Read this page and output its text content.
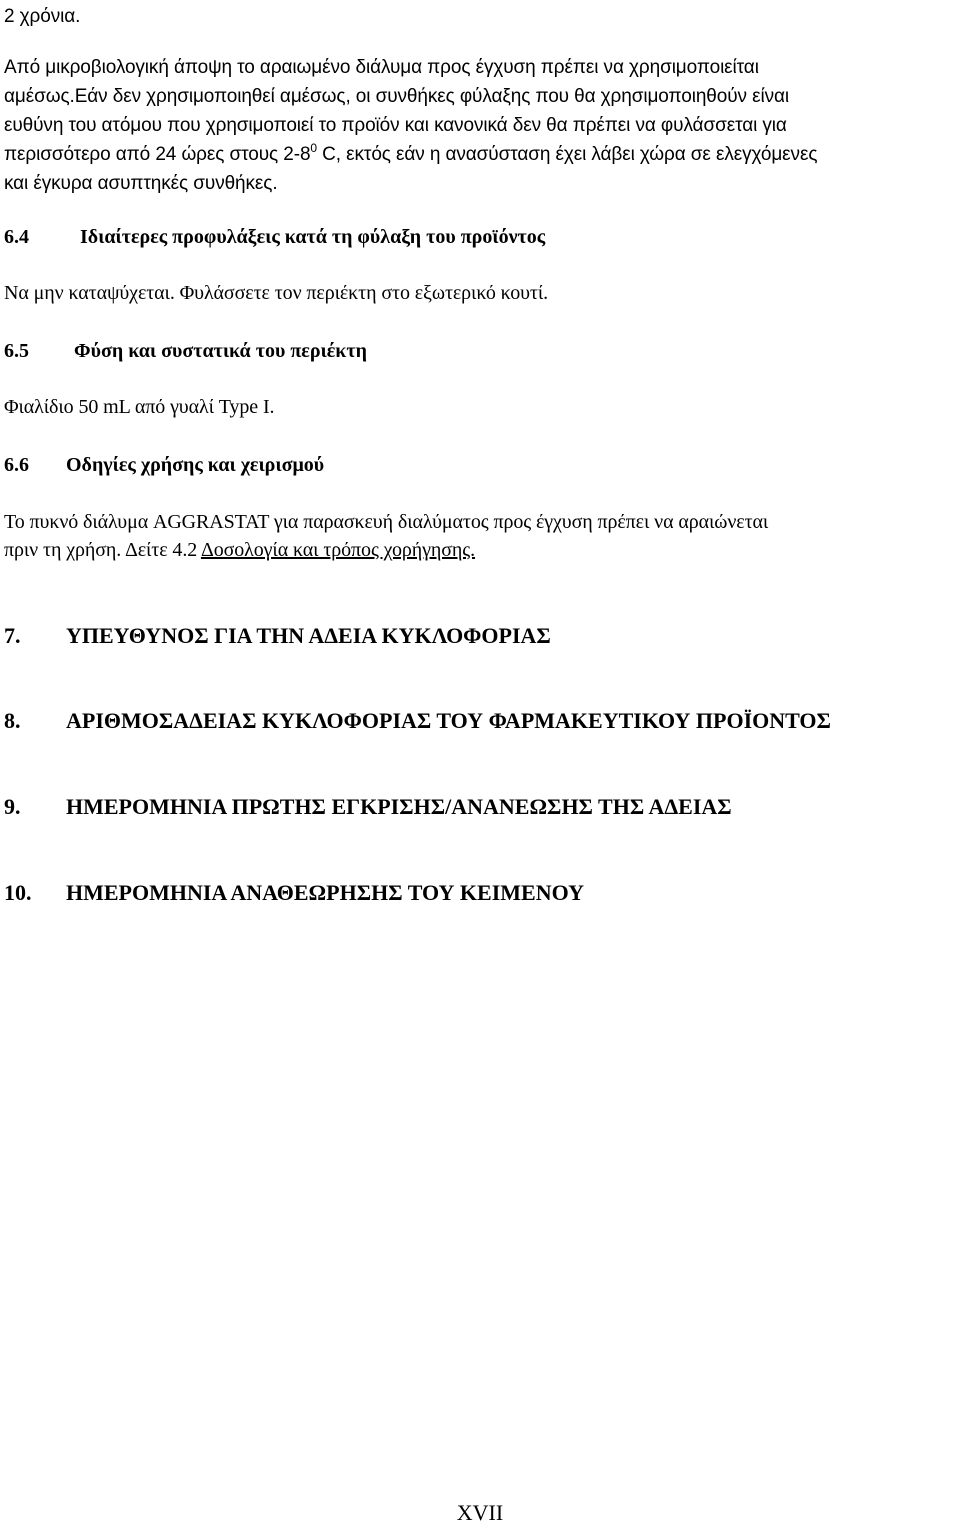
2 χρόνια.
Από μικροβιολογική άποψη το αραιωμένο διάλυμα προς έγχυση πρέπει να χρησιμοποιείται
αμέσως.Εάν δεν χρησιμοποιηθεί αμέσως, οι συνθήκες φύλαξης που θα χρησιμοποιηθούν είναι
ευθύνη του ατόμου που χρησιμοποιεί το προϊόν και κανονικά δεν θα πρέπει να φυλάσσεται για
περισσότερο από 24 ώρες στους $2-8^0$ C, εκτός εάν η ανασύσταση έχει λάβει χώρα σε ελεγχόμενες
και έγκυρα ασυπτηκές συνθήκες.
6.4	Ιδιαίτερες προφυλάξεις κατά τη φύλαξη του προϊόντος
Να μην καταψύχεται. Φυλάσσετε τον περιέκτη στο εξωτερικό κουτί.
6.5 Φύση και συστατικά του περιέκτη
Φιαλίδιο 50 mL από γυαλί Type I.
6.6 Οδηγίες χρήσης και χειρισμού
Το πυκνό διάλυμα AGGRASTAT για παρασκευή διαλύματος προς έγχυση πρέπει να αραιώνεται
πριν τη χρήση. Δείτε 4.2 Δοσολογία και τρόπος χορήγησης.
7. ΥΠΕΥΘΥΝΟΣ ΓΙΑ ΤΗΝ ΑΔΕΙΑ ΚΥΚΛΟΦΟΡΙΑΣ
8. ΑΡΙΘΜΟΣΑΔΕΙΑΣ ΚΥΚΛΟΦΟΡΙΑΣ ΤΟΥ ΦΑΡΜΑΚΕΥΤΙΚΟΥ ΠΡΟΪΟΝΤΟΣ
9. ΗΜΕΡΟΜΗΝΙΑ ΠΡΩΤΗΣ ΕΓΚΡΙΣΗΣ/ΑΝΑΝΕΩΣΗΣ ΤΗΣ ΑΔΕΙΑΣ
10. ΗΜΕΡΟΜΗΝΙΑ ΑΝΑΘΕΩΡΗΣΗΣ ΤΟΥ ΚΕΙΜΕΝΟΥ
XVII
